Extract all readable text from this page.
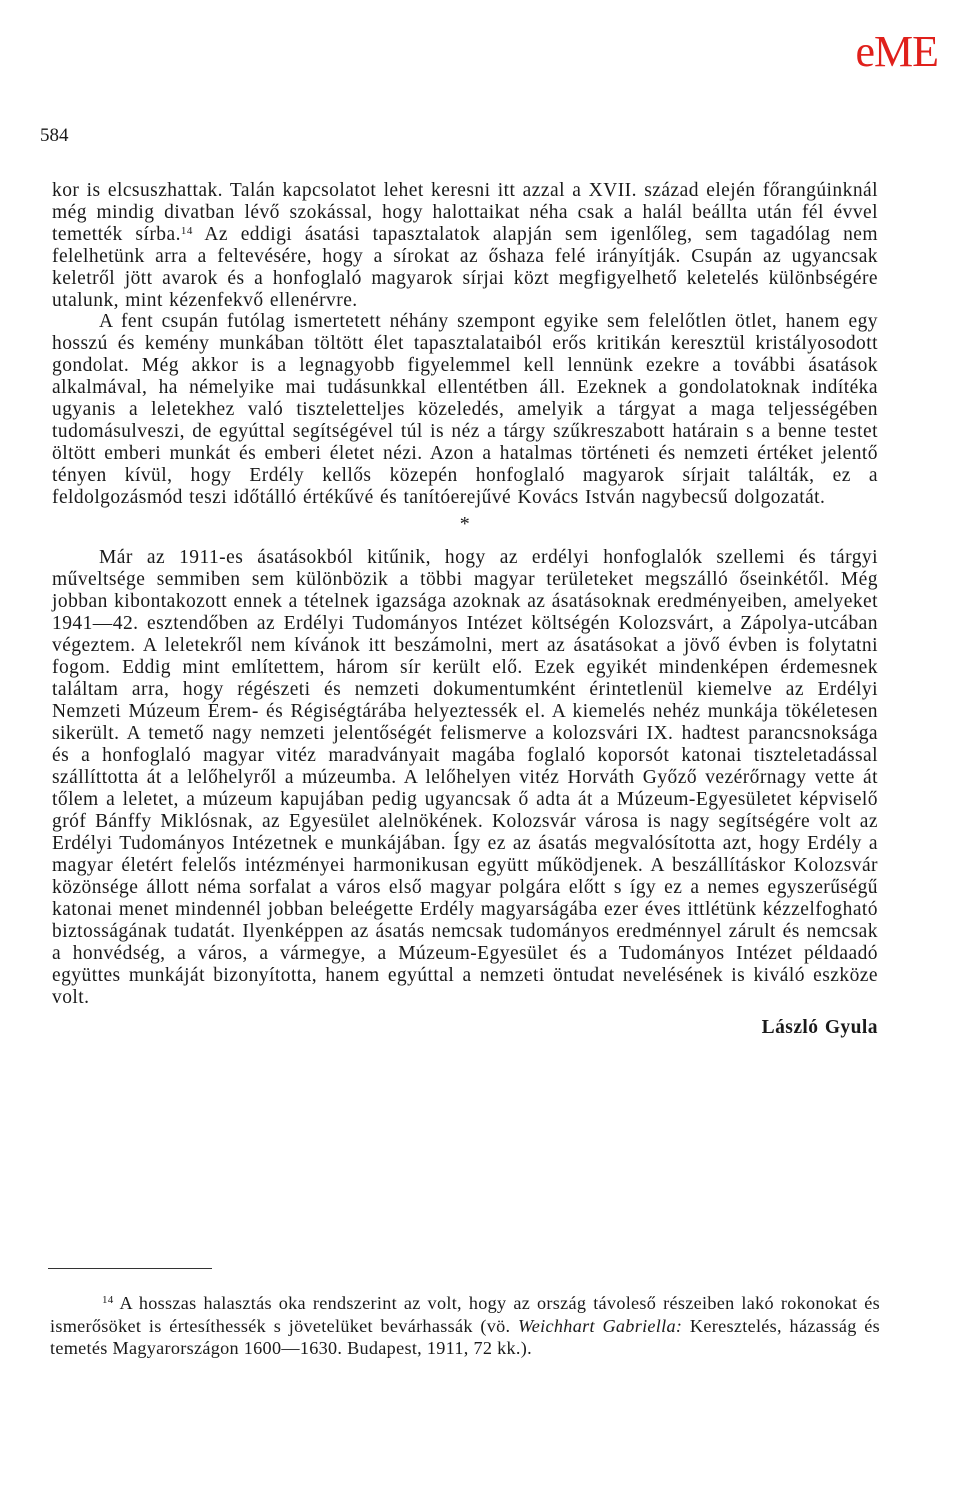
eME
584

kor is elcsuszhattak. Talán kapcsolatot lehet keresni itt azzal a XVII. század elején főrangúinknál még mindig divatban lévő szokással, hogy halottaikat néha csak a halál beállta után fél évvel temették sírba.$^{14}$ Az eddigi ásatási tapasztalatok alapján sem igenlőleg, sem tagadólag nem felelhetünk arra a feltevésére, hogy a sírokat az őshaza felé irányítják. Csupán az ugyancsak keletről jött avarok és a honfoglaló magyarok sírjai közt megfigyelhető keletelés különbségére utalunk, mint kézenfekvő ellenérvre.

A fent csupán futólag ismertetett néhány szempont egyike sem felelőtlen ötlet, hanem egy hosszú és kemény munkában töltött élet tapasztalataiból erős kritikán keresztül kristályosodott gondolat. Még akkor is a legnagyobb figyelemmel kell lennünk ezekre a további ásatások alkalmával, ha némelyike mai tudásunkkal ellentétben áll. Ezeknek a gondolatoknak indítéka ugyanis a leletekhez való tiszteletteljes közeledés, amelyik a tárgyat a maga teljességében tudomásulveszi, de egyúttal segítségével túl is néz a tárgy szűkreszabott határain s a benne testet öltött emberi munkát és emberi életet nézi. Azon a hatalmas történeti és nemzeti értéket jelentő tényen kívül, hogy Erdély kellős közepén honfoglaló magyarok sírjait találták, ez a feldolgozásmód teszi időtálló értékűvé és tanítóerejűvé Kovács István nagybecsű dolgozatát.

*

Már az 1911-es ásatásokból kitűnik, hogy az erdélyi honfoglalók szellemi és tárgyi műveltsége semmiben sem különbözik a többi magyar területeket megszálló őseinkétől. Még jobban kibontakozott ennek a tételnek igazsága azoknak az ásatásoknak eredményeiben, amelyeket 1941—42. esztendőben az Erdélyi Tudományos Intézet költségén Kolozsvárt, a Zápolya-utcában végeztem. A leletekről nem kívánok itt beszámolni, mert az ásatásokat a jövő évben is folytatni fogom. Eddig mint említettem, három sír került elő. Ezek egyikét mindenképen érdemesnek találtam arra, hogy régészeti és nemzeti dokumentumként érintetlenül kiemelve az Erdélyi Nemzeti Múzeum Érem- és Régiségtárába helyeztessék el. A kiemelés nehéz munkája tökéletesen sikerült. A temető nagy nemzeti jelentőségét felismerve a kolozsvári IX. hadtest parancsnoksága és a honfoglaló magyar vitéz maradványait magába foglaló koporsót katonai tiszteletadással szállíttotta át a lelőhelyről a múzeumba. A lelőhelyen vitéz Horváth Győző vezérőrnagy vette át tőlem a leletet, a múzeum kapujában pedig ugyancsak ő adta át a Múzeum-Egyesületet képviselő gróf Bánffy Miklósnak, az Egyesület alelnökének. Kolozsvár városa is nagy segítségére volt az Erdélyi Tudományos Intézetnek e munkájában. Így ez az ásatás megvalósította azt, hogy Erdély a magyar életért felelős intézményei harmonikusan együtt működjenek. A beszállításkor Kolozsvár közönsége állott néma sorfalat a város első magyar polgára előtt s így ez a nemes egyszerűségű katonai menet mindennél jobban beleégette Erdély magyarságába ezer éves ittlétünk kézzelfogható biztosságának tudatát. Ilyenképpen az ásatás nemcsak tudományos eredménnyel zárult és nemcsak a honvédség, a város, a vármegye, a Múzeum-Egyesület és a Tudományos Intézet példaadó együttes munkáját bizonyította, hanem egyúttal a nemzeti öntudat nevelésének is kiváló eszköze volt.

László Gyula
$^{14}$ A hosszas halasztás oka rendszerint az volt, hogy az ország távoleső részeiben lakó rokonokat és ismerősöket is értesíthessék s jövetelüket bevárhassák (vö. Weichhart Gabriella: Keresztelés, házasság és temetés Magyarországon 1600—1630. Budapest, 1911, 72 kk.).
